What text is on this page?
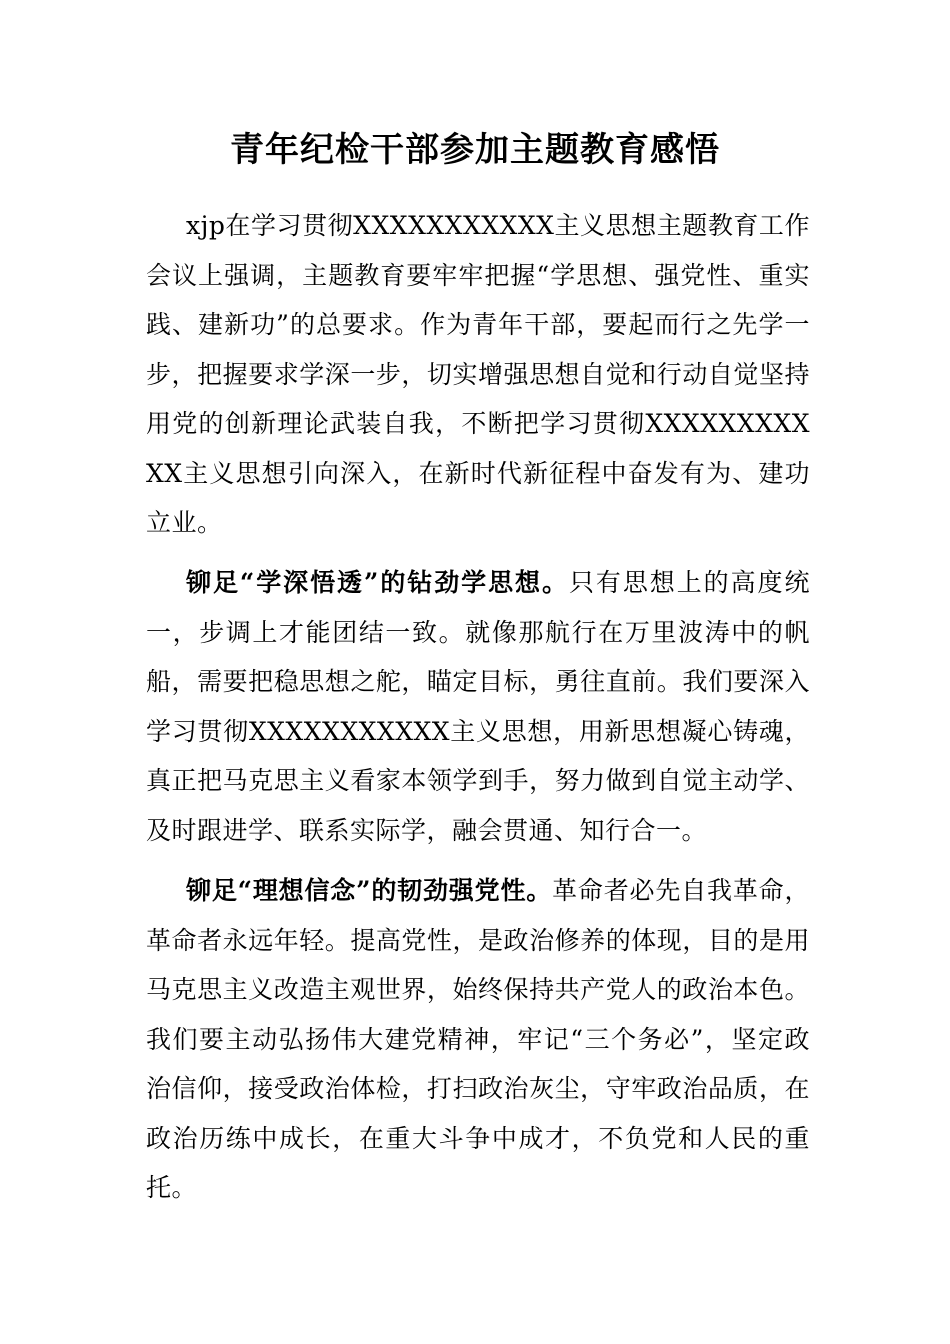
青年纪检干部参加主题教育感悟

xjp在学习贯彻XXXXXXXXXXX主义思想主题教育工作会议上强调，主题教育要牢牢把握“学思想、强党性、重实践、建新功”的总要求。作为青年干部，要起而行之先学一步，把握要求学深一步，切实增强思想自觉和行动自觉坚持用党的创新理论武装自我，不断把学习贯彻XXXXXXXXXXX主义思想引向深入，在新时代新征程中奋发有为、建功立业。

铆足“学深悟透”的钻劲学思想。只有思想上的高度统一，步调上才能团结一致。就像那航行在万里波涛中的帆船，需要把稳思想之舵，瞄定目标，勇往直前。我们要深入学习贯彻XXXXXXXXXXX主义思想，用新思想凝心铸魂，真正把马克思主义看家本领学到手，努力做到自觉主动学、及时跟进学、联系实际学，融会贯通、知行合一。

铆足“理想信念”的韧劲强党性。革命者必先自我革命，革命者永远年轻。提高党性，是政治修养的体现，目的是用马克思主义改造主观世界，始终保持共产党人的政治本色。我们要主动弘扬伟大建党精神，牢记“三个务必”，坚定政治信仰，接受政治体检，打扫政治灰尘，守牢政治品质，在政治历练中成长，在重大斗争中成才，不负党和人民的重托。
